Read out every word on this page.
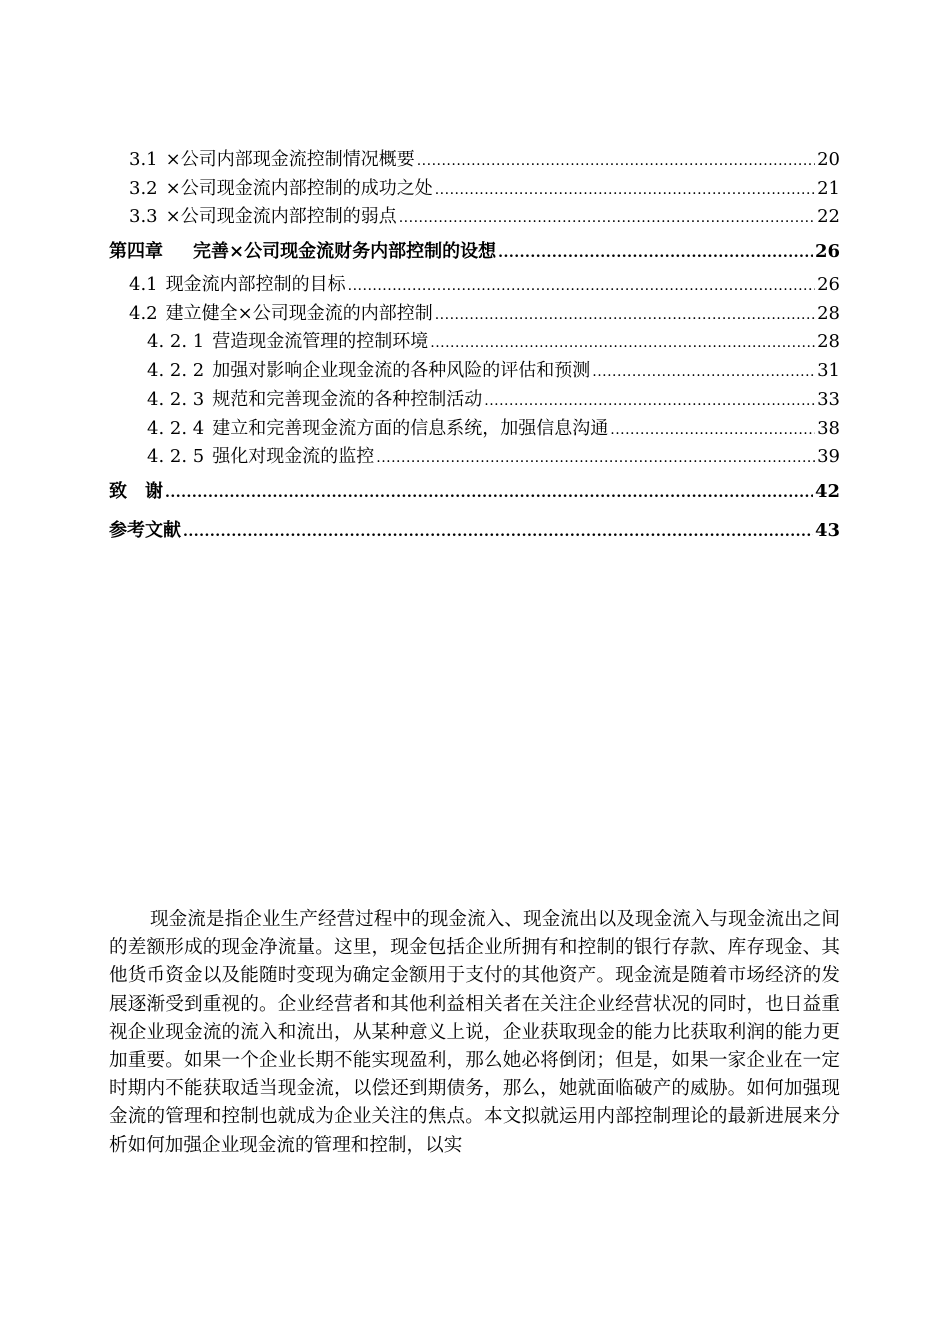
3.1 ×公司内部现金流控制情况概要 .....	20
3.2 ×公司现金流内部控制的成功之处 .....	21
3.3 ×公司现金流内部控制的弱点 .....	22
第四章 完善×公司现金流财务内部控制的设想 .....	26
4.1 现金流内部控制的目标 .....	26
4.2 建立健全×公司现金流的内部控制 .....	28
4. 2. 1 营造现金流管理的控制环境 .....	28
4. 2. 2 加强对影响企业现金流的各种风险的评估和预测 .....	31
4. 2. 3 规范和完善现金流的各种控制活动 .....	33
4. 2. 4 建立和完善现金流方面的信息系统，加强信息沟通 .....	38
4. 2. 5 强化对现金流的监控 .....	39
致　谢 .....	42
参考文献 .....	43

现金流是指企业生产经营过程中的现金流入、现金流出以及现金流入与现金流出之间的差额形成的现金净流量。这里，现金包括企业所拥有和控制的银行存款、库存现金、其他货币资金以及能随时变现为确定金额用于支付的其他资产。现金流是随着市场经济的发展逐渐受到重视的。企业经营者和其他利益相关者在关注企业经营状况的同时，也日益重视企业现金流的流入和流出，从某种意义上说，企业获取现金的能力比获取利润的能力更加重要。如果一个企业长期不能实现盈利，那么她必将倒闭；但是，如果一家企业在一定时期内不能获取适当现金流，以偿还到期债务，那么，她就面临破产的威胁。如何加强现金流的管理和控制也就成为企业关注的焦点。本文拟就运用内部控制理论的最新进展来分析如何加强企业现金流的管理和控制，以实
